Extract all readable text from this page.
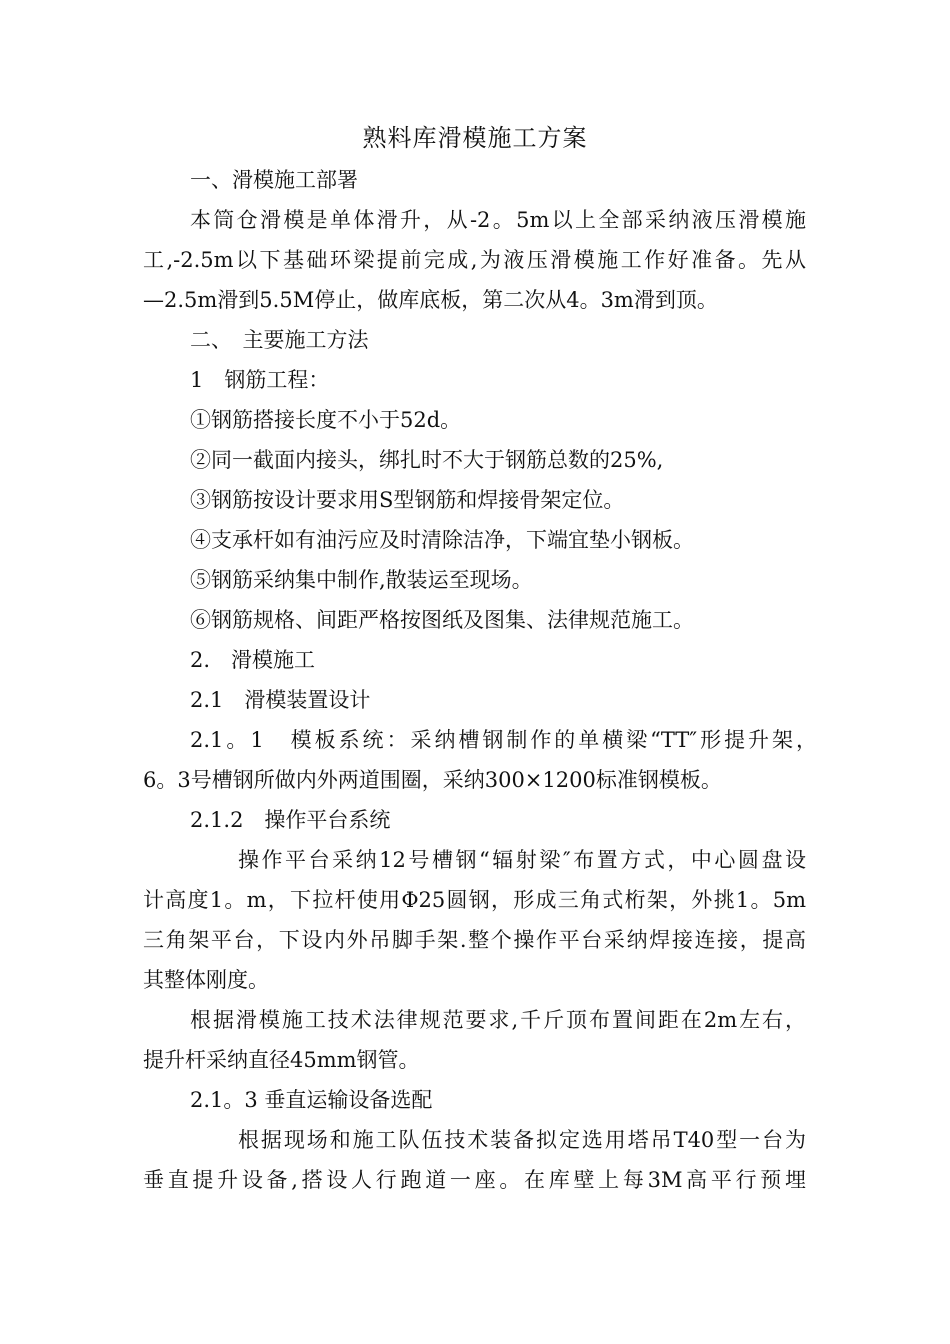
熟料库滑模施工方案
一、滑模施工部署
本筒仓滑模是单体滑升，从-2。5m以上全部采纳液压滑模施
工,-2.5m以下基础环梁提前完成,为液压滑模施工作好准备。先从
—2.5m滑到5.5M停止，做库底板，第二次从4。3m滑到顶。
二、　主要施工方法
1　钢筋工程：
①钢筋搭接长度不小于52d。
②同一截面内接头，绑扎时不大于钢筋总数的25%,
③钢筋按设计要求用S型钢筋和焊接骨架定位。
④支承杆如有油污应及时清除洁净，下端宜垫小钢板。
⑤钢筋采纳集中制作,散装运至现场。
⑥钢筋规格、间距严格按图纸及图集、法律规范施工。
2.　滑模施工
2.1　滑模装置设计
2.1。1　模板系统：采纳槽钢制作的单横梁“TT″形提升架，
6。3号槽钢所做内外两道围圈，采纳300×1200标准钢模板。
2.1.2　操作平台系统
操作平台采纳12号槽钢“辐射梁″布置方式，中心圆盘设
计高度1。m，下拉杆使用Φ25圆钢，形成三角式桁架，外挑1。5m
三角架平台，下设内外吊脚手架.整个操作平台采纳焊接连接，提高
其整体刚度。
根据滑模施工技术法律规范要求,千斤顶布置间距在2m左右，
提升杆采纳直径45mm钢管。
2.1。3 垂直运输设备选配
根据现场和施工队伍技术装备拟定选用塔吊T40型一台为
垂直提升设备,搭设人行跑道一座。在库壁上每3M高平行预埋
